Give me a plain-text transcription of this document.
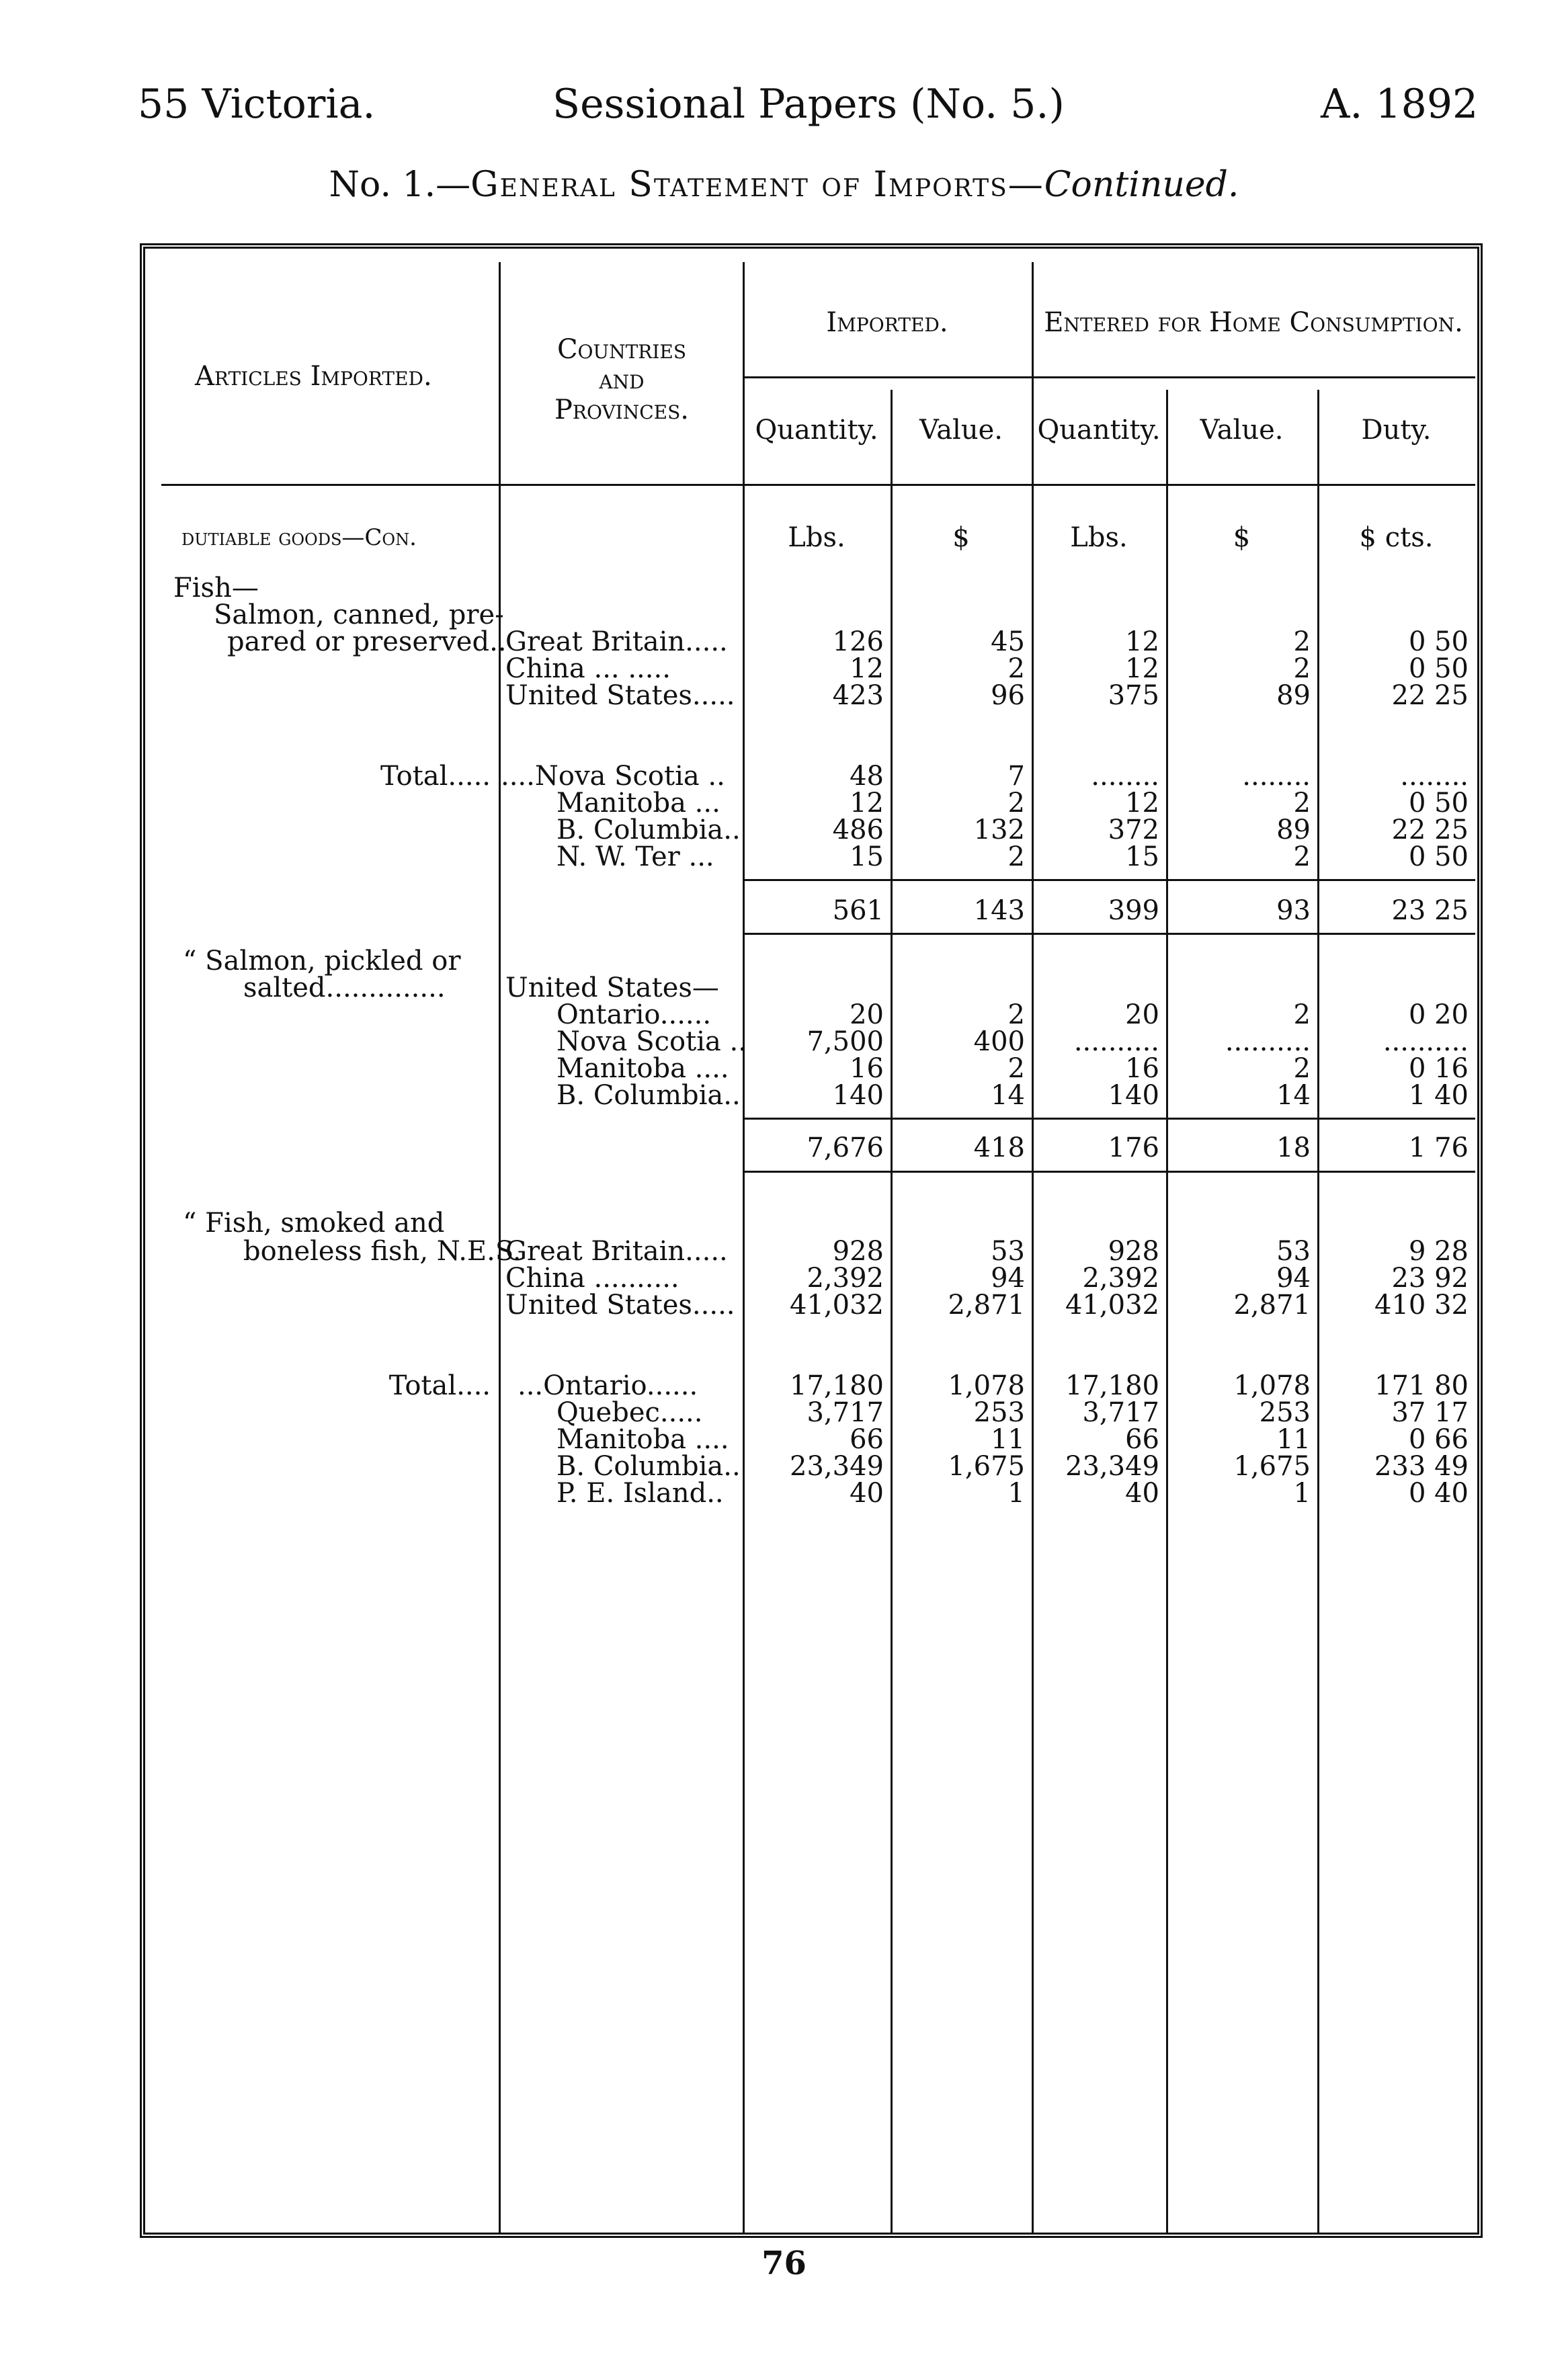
55 Victoria.	Sessional Papers (No. 5.)	A. 1892
No. 1.—General Statement of Imports—Continued.
Articles Imported.
Countries
and
Provinces.
Imported.	Entered for Home Consumption.
Quantity.	Value.	Quantity.	Value.	Duty.
dutiable goods—Con.	Lbs.	$	Lbs.	$	$ cts.
Fish—
Salmon, canned, pre-
pared or preserved..
Great Britain.....	126	45	12	2	0 50
China ... .....	12	2	12	2	0 50
United States.....	423	96	375	89	22 25
Total..... ....Nova Scotia ..	48	7	........	........	........
Manitoba ...	12	2	12	2	0 50
B. Columbia..	486	132	372	89	22 25
N. W. Ter ...	15	2	15	2	0 50
561	143	399	93	23 25
“ Salmon, pickled or
salted.............. United States—
Ontario......	20	2	20	2	0 20
Nova Scotia ..	7,500	400	..........	..........	..........
Manitoba ....	16	2	16	2	0 16
B. Columbia..	140	14	140	14	1 40
7,676	418	176	18	1 76
“ Fish, smoked and
boneless fish, N.E.S.
Great Britain.....	928	53	928	53	9 28
China ..........	2,392	94	2,392	94	23 92
United States.....	41,032	2,871	41,032	2,871	410 32
Total.... ...Ontario......	17,180	1,078	17,180	1,078	171 80
Quebec.....	3,717	253	3,717	253	37 17
Manitoba ....	66	11	66	11	0 66
B. Columbia..	23,349	1,675	23,349	1,675	233 49
P. E. Island..	40	1	40	1	0 40
76
